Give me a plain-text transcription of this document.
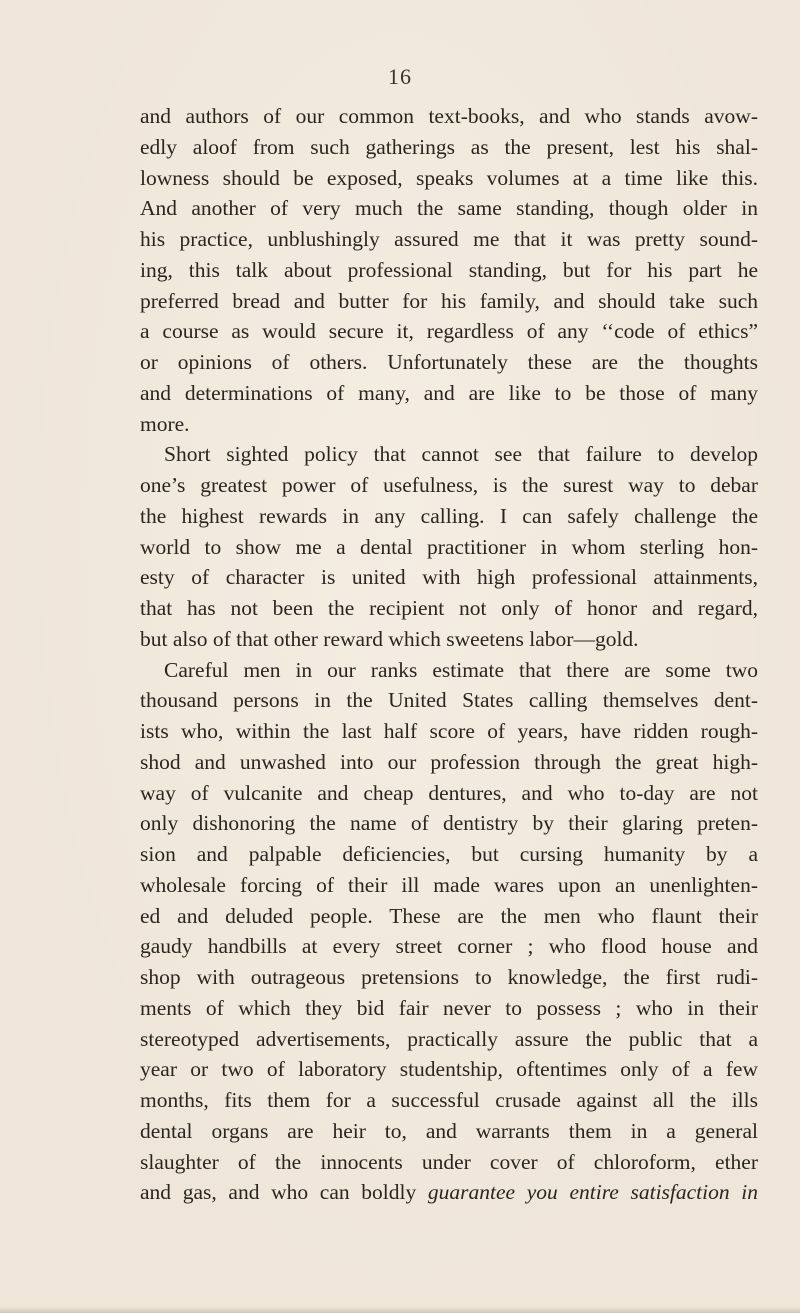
16
and authors of our common text-books, and who stands avow-
edly aloof from such gatherings as the present, lest his shal-
lowness should be exposed, speaks volumes at a time like this.
And another of very much the same standing, though older in
his practice, unblushingly assured me that it was pretty sound-
ing, this talk about professional standing, but for his part he
preferred bread and butter for his family, and should take such
a course as would secure it, regardless of any ‘‘code of ethics”
or opinions of others. Unfortunately these are the thoughts
and determinations of many, and are like to be those of many
more.
Short sighted policy that cannot see that failure to develop
one’s greatest power of usefulness, is the surest way to debar
the highest rewards in any calling. I can safely challenge the
world to show me a dental practitioner in whom sterling hon-
esty of character is united with high professional attainments,
that has not been the recipient not only of honor and regard,
but also of that other reward which sweetens labor—gold.
Careful men in our ranks estimate that there are some two
thousand persons in the United States calling themselves dent-
ists who, within the last half score of years, have ridden rough-
shod and unwashed into our profession through the great high-
way of vulcanite and cheap dentures, and who to-day are not
only dishonoring the name of dentistry by their glaring preten-
sion and palpable deficiencies, but cursing humanity by a
wholesale forcing of their ill made wares upon an unenlighten-
ed and deluded people. These are the men who flaunt their
gaudy handbills at every street corner ; who flood house and
shop with outrageous pretensions to knowledge, the first rudi-
ments of which they bid fair never to possess ; who in their
stereotyped advertisements, practically assure the public that a
year or two of laboratory studentship, oftentimes only of a few
months, fits them for a successful crusade against all the ills
dental organs are heir to, and warrants them in a general
slaughter of the innocents under cover of chloroform, ether
and gas, and who can boldly guarantee you entire satisfaction in
